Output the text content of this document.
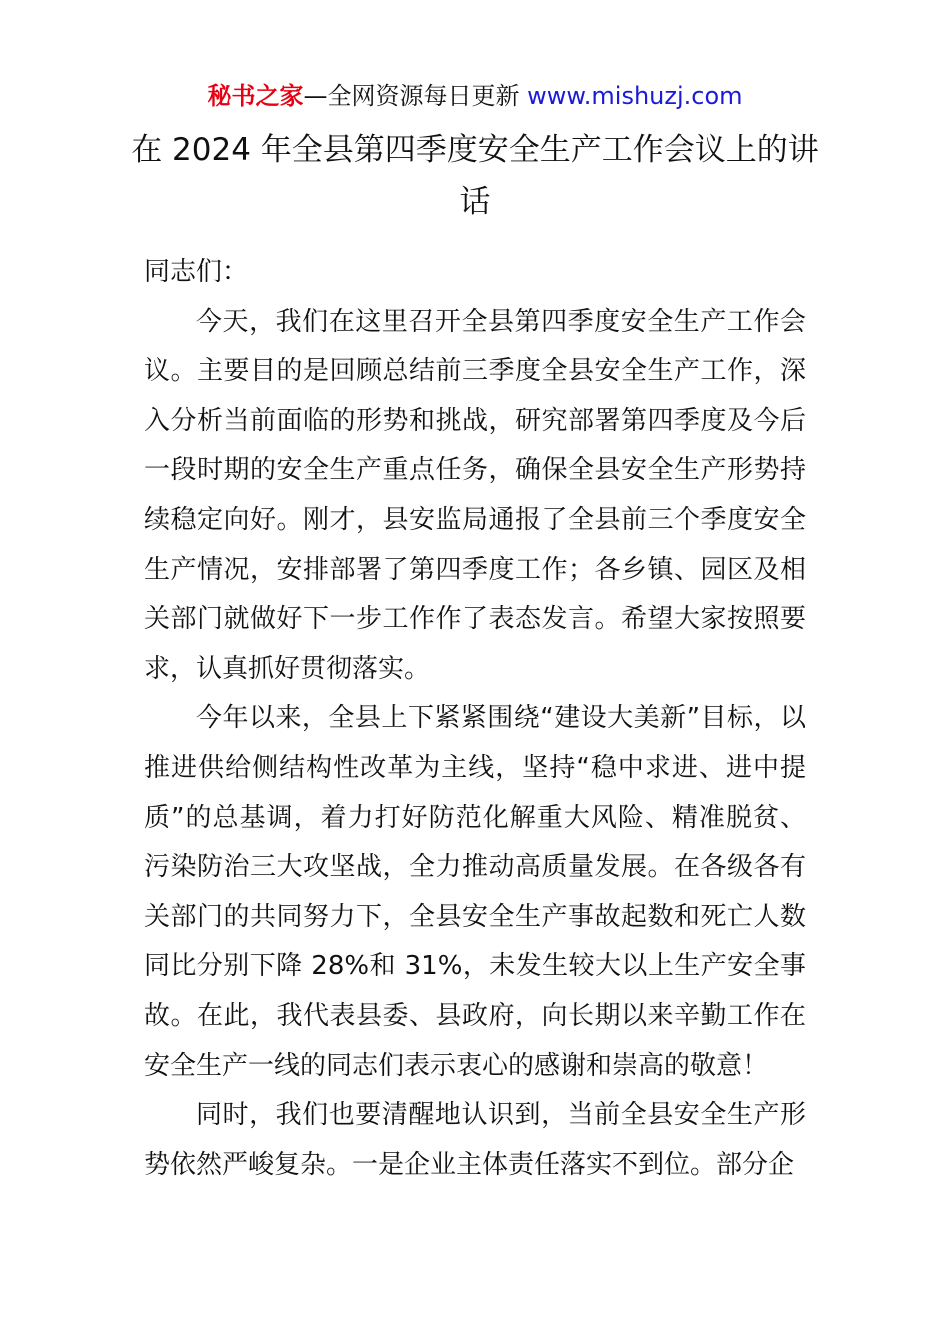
秘书之家—全网资源每日更新 www.mishuzj.com
在 2024 年全县第四季度安全生产工作会议上的讲话

同志们：

今天，我们在这里召开全县第四季度安全生产工作会议。主要目的是回顾总结前三季度全县安全生产工作，深入分析当前面临的形势和挑战，研究部署第四季度及今后一段时期的安全生产重点任务，确保全县安全生产形势持续稳定向好。刚才，县安监局通报了全县前三个季度安全生产情况，安排部署了第四季度工作；各乡镇、园区及相关部门就做好下一步工作作了表态发言。希望大家按照要求，认真抓好贯彻落实。

今年以来，全县上下紧紧围绕“建设大美新”目标，以推进供给侧结构性改革为主线，坚持“稳中求进、进中提质”的总基调，着力打好防范化解重大风险、精准脱贫、污染防治三大攻坚战，全力推动高质量发展。在各级各有关部门的共同努力下，全县安全生产事故起数和死亡人数同比分别下降 28%和 31%，未发生较大以上生产安全事故。在此，我代表县委、县政府，向长期以来辛勤工作在安全生产一线的同志们表示衷心的感谢和崇高的敬意！

同时，我们也要清醒地认识到，当前全县安全生产形势依然严峻复杂。一是企业主体责任落实不到位。部分企
